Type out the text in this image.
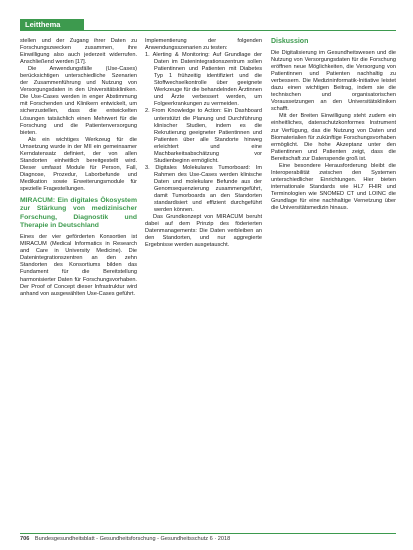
Leitthema

stellen und der Zugang ihrer Daten zu Forschungszwecken zusammen, ihre Einwilligung also auch jederzeit widerrufen. Anschließend werden [17].

Die Anwendungsfälle (Use-Cases) berücksichtigen unterschiedliche Szenarien der Zusammenführung und Nutzung von Versorgungsdaten in den Universitätskliniken. Die Use-Cases werden in enger Abstimmung mit Forschenden und Klinikern entwickelt, um sicherzustellen, dass die entwickelten Lösungen tatsächlich einen Mehrwert für die Forschung und die Patientenversorgung bieten.

Als ein wichtiges Werkzeug für die Umsetzung wurde in der MII ein gemeinsamer Kerndatensatz definiert, der von allen Standorten einheitlich bereitgestellt wird. Dieser umfasst Module für Person, Fall, Diagnose, Prozedur, Laborbefunde und Medikation sowie Erweiterungsmodule für spezielle Fragestellungen.

MIRACUM: Ein digitales Ökosystem zur Stärkung von medizinischer Forschung, Diagnostik und Therapie in Deutschland

Eines der vier geförderten Konsortien ist MIRACUM (Medical Informatics in Research and Care in University Medicine). Die Datenintegrationszentren an den zehn Standorten des Konsortiums bilden das Fundament für die Bereitstellung harmonisierter Daten für Forschungsvorhaben. Der Proof of Concept dieser Infrastruktur wird anhand von ausgewählten Use-Cases geführt.

Implementierung der folgenden Anwendungsszenarien zu testen:

1. Alerting & Monitoring: Auf Grundlage der Daten im Datenintegrationszentrum sollen Patientinnen und Patienten mit Diabetes Typ 1 frühzeitig identifiziert und die Stoffwechselkontrolle über geeignete Werkzeuge für die behandelnden Ärztinnen und Ärzte verbessert werden, um Folgeerkrankungen zu vermeiden.

2. From Knowledge to Action: Ein Dashboard unterstützt die Planung und Durchführung klinischer Studien, indem es die Rekrutierung geeigneter Patientinnen und Patienten über alle Standorte hinweg erleichtert und eine Machbarkeitsabschätzung vor Studienbeginn ermöglicht.

3. Digitales Molekulares Tumorboard: Im Rahmen des Use-Cases werden klinische Daten und molekulare Befunde aus der Genomsequenzierung zusammengeführt, damit Tumorboards an den Standorten standardisiert und effizient durchgeführt werden können.

Das Grundkonzept von MIRACUM beruht dabei auf dem Prinzip des föderierten Datenmanagements: Die Daten verbleiben an den Standorten, und nur aggregierte Ergebnisse werden ausgetauscht.

Diskussion

Die Digitalisierung im Gesundheitswesen und die Nutzung von Versorgungsdaten für die Forschung eröffnen neue Möglichkeiten, die Versorgung von Patientinnen und Patienten nachhaltig zu verbessern. Die Medizininformatik-Initiative leistet dazu einen wichtigen Beitrag, indem sie die technischen und organisatorischen Voraussetzungen an den Universitätskliniken schafft.

Mit der Breiten Einwilligung steht zudem ein einheitliches, datenschutzkonformes Instrument zur Verfügung, das die Nutzung von Daten und Biomaterialien für zukünftige Forschungsvorhaben ermöglicht. Die hohe Akzeptanz unter den Patientinnen und Patienten zeigt, dass die Bereitschaft zur Datenspende groß ist.

Eine besondere Herausforderung bleibt die Interoperabilität zwischen den Systemen unterschiedlicher Einrichtungen. Hier bieten internationale Standards wie HL7 FHIR und Terminologien wie SNOMED CT und LOINC die Grundlage für eine nachhaltige Vernetzung über die Universitätsmedizin hinaus.

706 Bundesgesundheitsblatt - Gesundheitsforschung - Gesundheitsschutz 6 · 2018
